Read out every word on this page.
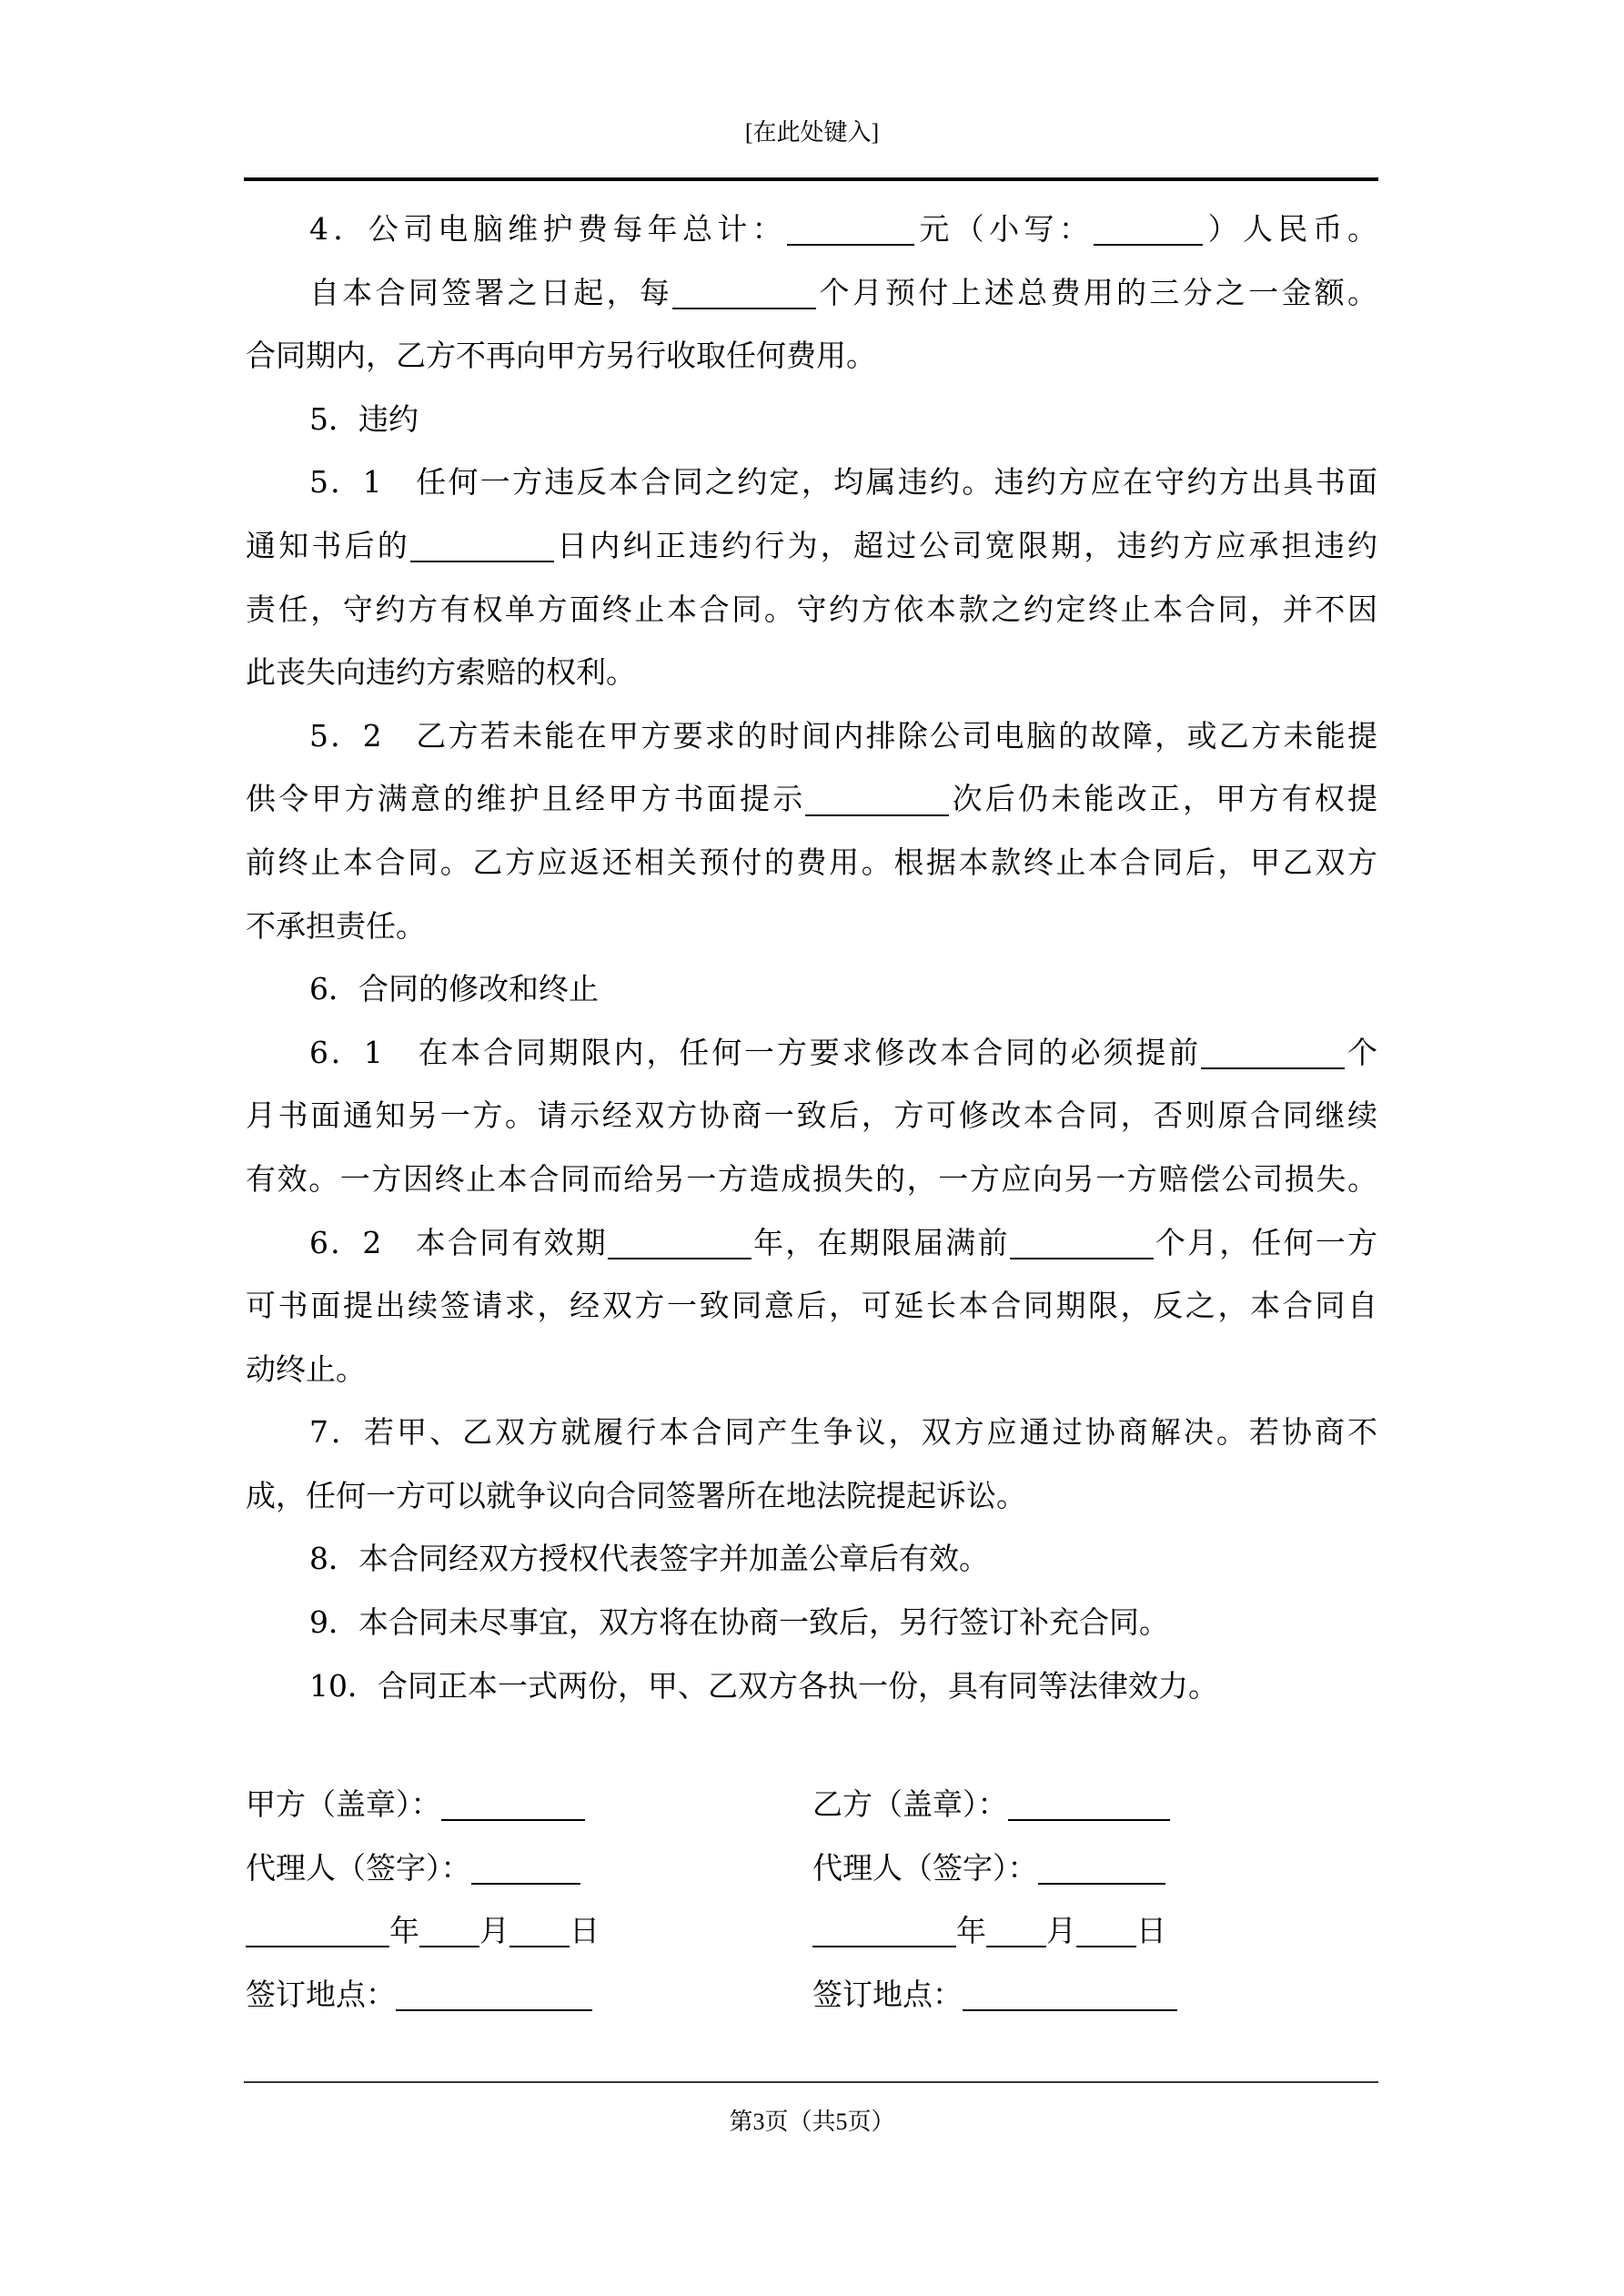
[在此处键入]
4．公司电脑维护费每年总计：	元（小写：	）人民币。
自本合同签署之日起，每	个月预付上述总费用的三分之一金额。
合同期内，乙方不再向甲方另行收取任何费用。
5．违约
5．1　任何一方违反本合同之约定，均属违约。违约方应在守约方出具书面
通知书后的	日内纠正违约行为，超过公司宽限期，违约方应承担违约
责任，守约方有权单方面终止本合同。守约方依本款之约定终止本合同，并不因
此丧失向违约方索赔的权利。
5．2　乙方若未能在甲方要求的时间内排除公司电脑的故障，或乙方未能提
供令甲方满意的维护且经甲方书面提示	次后仍未能改正，甲方有权提
前终止本合同。乙方应返还相关预付的费用。根据本款终止本合同后，甲乙双方
不承担责任。
6．合同的修改和终止
6．1　在本合同期限内，任何一方要求修改本合同的必须提前	个
月书面通知另一方。请示经双方协商一致后，方可修改本合同，否则原合同继续
有效。一方因终止本合同而给另一方造成损失的，一方应向另一方赔偿公司损失。
6．2　本合同有效期	年，在期限届满前	个月，任何一方
可书面提出续签请求，经双方一致同意后，可延长本合同期限，反之，本合同自
动终止。
7．若甲、乙双方就履行本合同产生争议，双方应通过协商解决。若协商不
成，任何一方可以就争议向合同签署所在地法院提起诉讼。
8．本合同经双方授权代表签字并加盖公章后有效。
9．本合同未尽事宜，双方将在协商一致后，另行签订补充合同。
10．合同正本一式两份，甲、乙双方各执一份，具有同等法律效力。
甲方（盖章）：	乙方（盖章）：
代理人（签字）：	代理人（签字）：
年 月 日	年 月 日
签订地点：	签订地点：
第3页（共5页）
